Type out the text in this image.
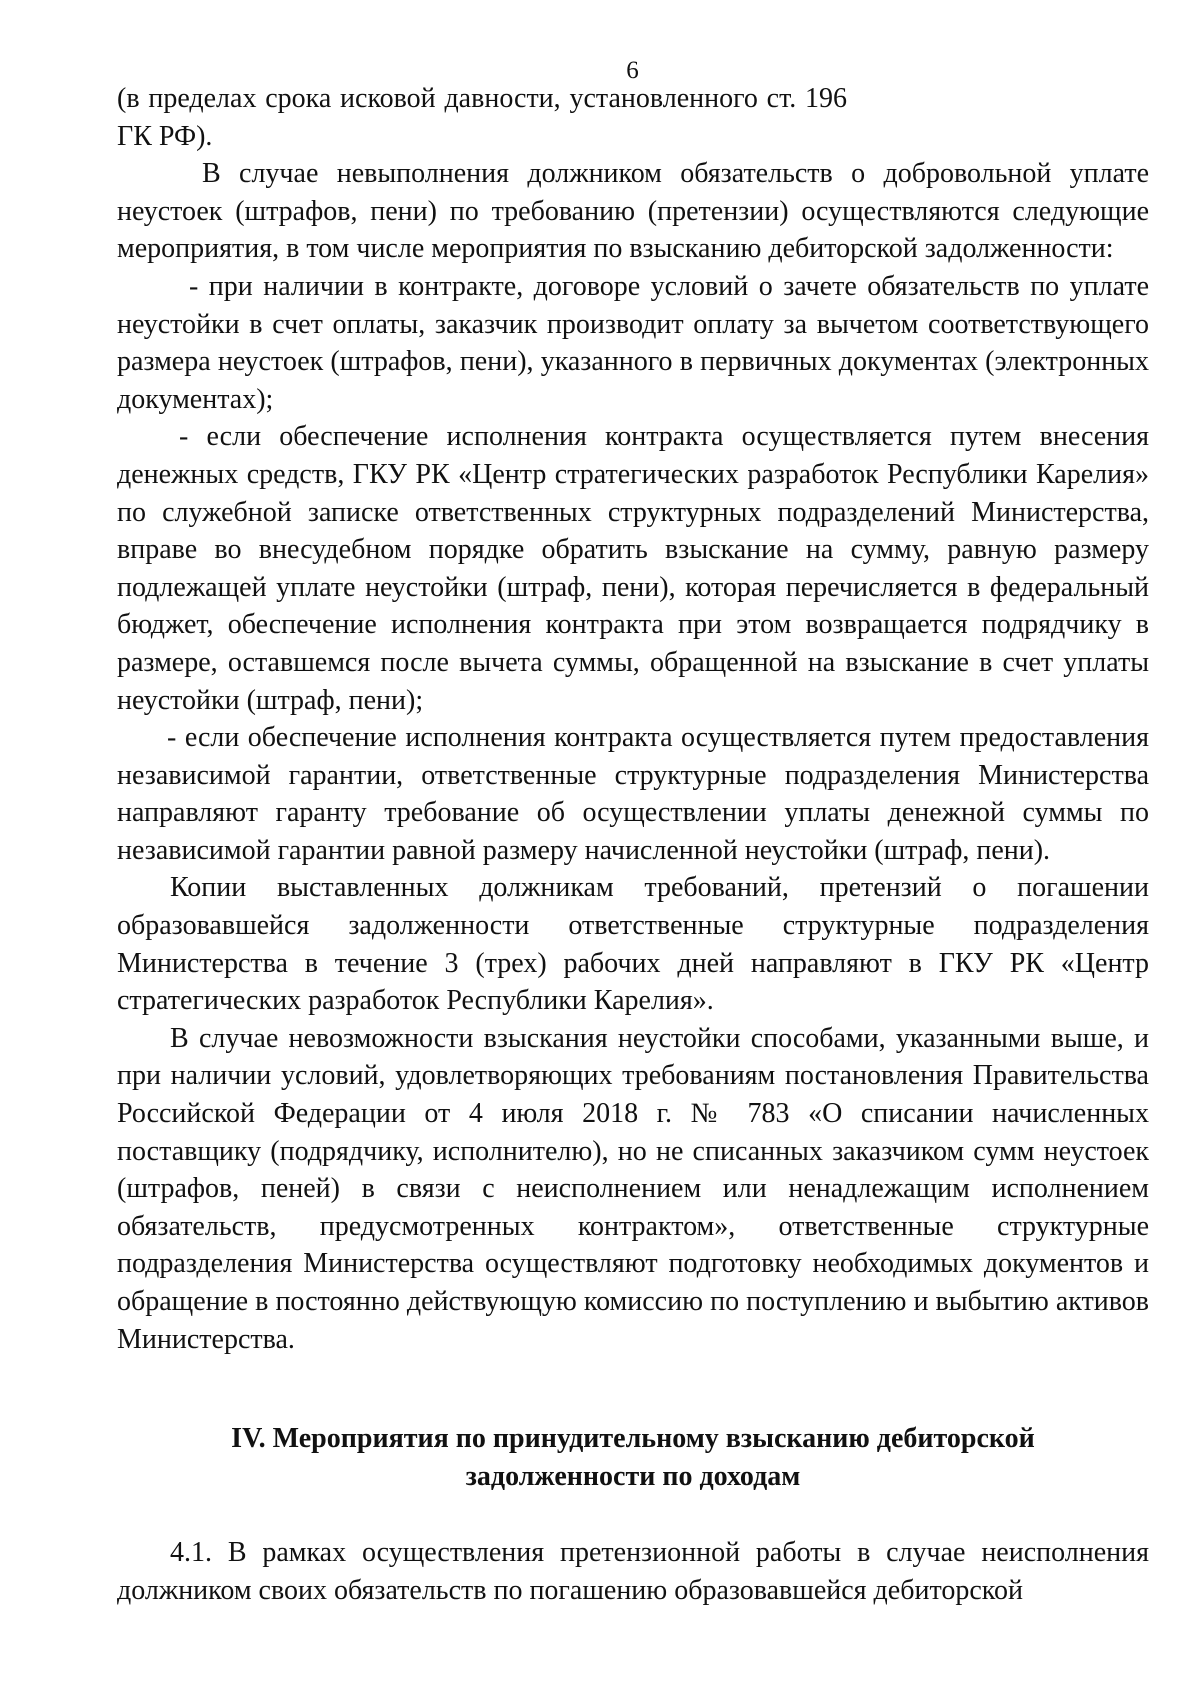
6

(в пределах срока исковой давности, установленного ст. 196 ГК РФ).

В случае невыполнения должником обязательств о добровольной уплате неустоек (штрафов, пени) по требованию (претензии) осуществляются следующие мероприятия, в том числе мероприятия по взысканию дебиторской задолженности:

- при наличии в контракте, договоре условий о зачете обязательств по уплате неустойки в счет оплаты, заказчик производит оплату за вычетом соответствующего размера неустоек (штрафов, пени), указанного в первичных документах (электронных документах);

- если обеспечение исполнения контракта осуществляется путем внесения денежных средств, ГКУ РК «Центр стратегических разработок Республики Карелия» по служебной записке ответственных структурных подразделений Министерства, вправе во внесудебном порядке обратить взыскание на сумму, равную размеру подлежащей уплате неустойки (штраф, пени), которая перечисляется в федеральный бюджет, обеспечение исполнения контракта при этом возвращается подрядчику в размере, оставшемся после вычета суммы, обращенной на взыскание в счет уплаты неустойки (штраф, пени);

- если обеспечение исполнения контракта осуществляется путем предоставления независимой гарантии, ответственные структурные подразделения Министерства направляют гаранту требование об осуществлении уплаты денежной суммы по независимой гарантии равной размеру начисленной неустойки (штраф, пени).

Копии выставленных должникам требований, претензий о погашении образовавшейся задолженности ответственные структурные подразделения Министерства в течение 3 (трех) рабочих дней направляют в ГКУ РК «Центр стратегических разработок Республики Карелия».

В случае невозможности взыскания неустойки способами, указанными выше, и при наличии условий, удовлетворяющих требованиям постановления Правительства Российской Федерации от 4 июля 2018 г. № 783 «О списании начисленных поставщику (подрядчику, исполнителю), но не списанных заказчиком сумм неустоек (штрафов, пеней) в связи с неисполнением или ненадлежащим исполнением обязательств, предусмотренных контрактом», ответственные структурные подразделения Министерства осуществляют подготовку необходимых документов и обращение в постоянно действующую комиссию по поступлению и выбытию активов Министерства.

IV. Мероприятия по принудительному взысканию дебиторской
задолженности по доходам

4.1. В рамках осуществления претензионной работы в случае неисполнения должником своих обязательств по погашению образовавшейся дебиторской
